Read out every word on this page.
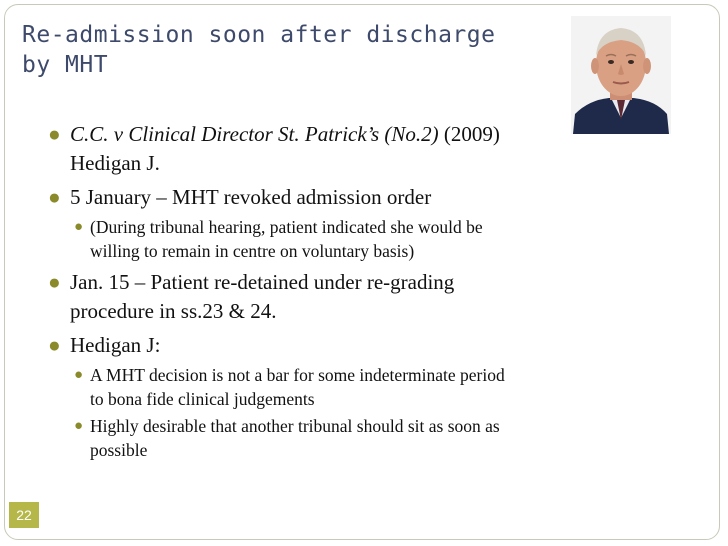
Re-admission soon after discharge
by MHT
● C.C. v Clinical Director St. Patrick’s (No.2) (2009)
Hedigan J.
● 5 January – MHT revoked admission order
● (During tribunal hearing, patient indicated she would be
willing to remain in centre on voluntary basis)
● Jan. 15 – Patient re-detained under re-grading
procedure in ss.23 & 24.
● Hedigan J:
● A MHT decision is not a bar for some indeterminate period
to bona fide clinical judgements
● Highly desirable that another tribunal should sit as soon as
possible
22
